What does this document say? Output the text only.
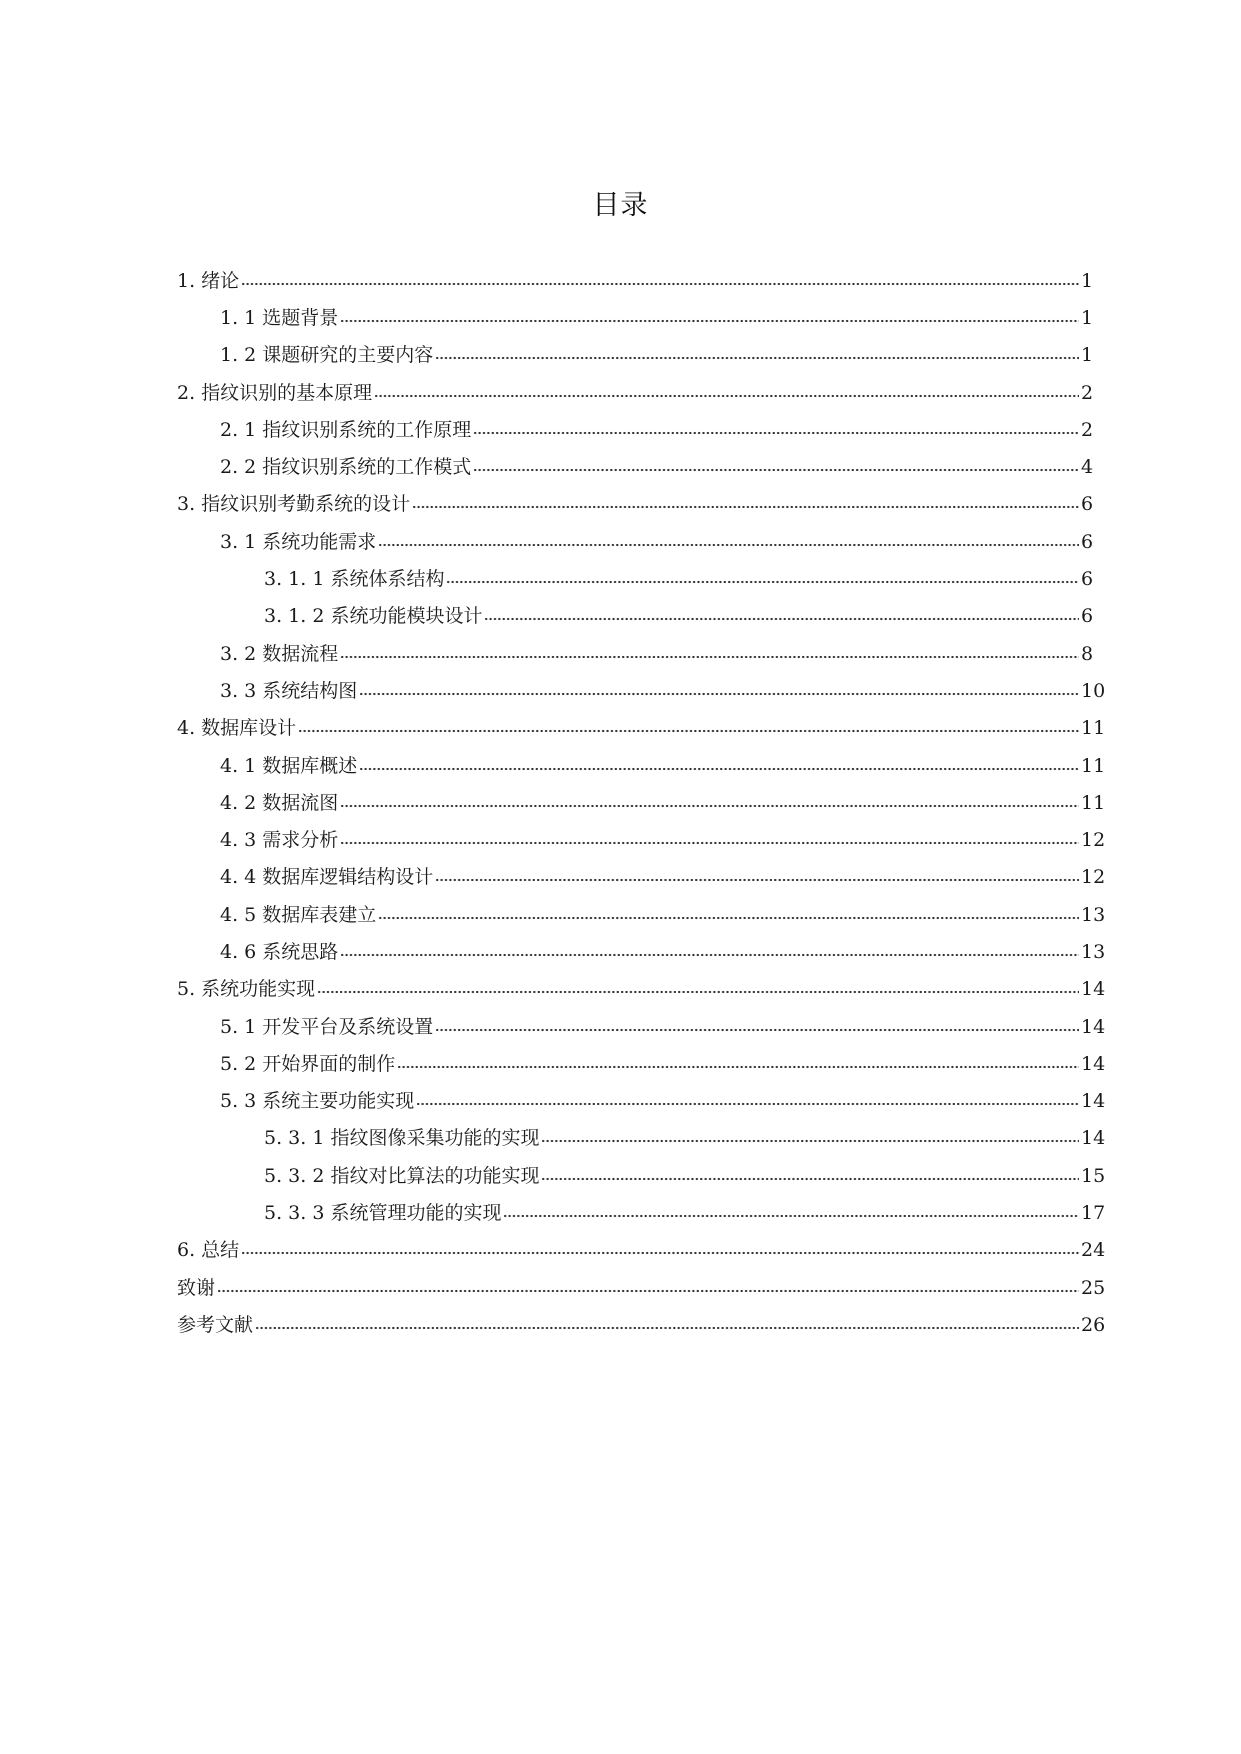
目录
1. 绪论	1
1. 1 选题背景	1
1. 2 课题研究的主要内容	1
2. 指纹识别的基本原理	2
2. 1 指纹识别系统的工作原理	2
2. 2 指纹识别系统的工作模式	4
3. 指纹识别考勤系统的设计	6
3. 1 系统功能需求	6
3. 1. 1 系统体系结构	6
3. 1. 2 系统功能模块设计	6
3. 2 数据流程	8
3. 3 系统结构图	10
4. 数据库设计	11
4. 1 数据库概述	11
4. 2 数据流图	11
4. 3 需求分析	12
4. 4 数据库逻辑结构设计	12
4. 5 数据库表建立	13
4. 6 系统思路	13
5. 系统功能实现	14
5. 1 开发平台及系统设置	14
5. 2 开始界面的制作	14
5. 3 系统主要功能实现	14
5. 3. 1 指纹图像采集功能的实现	14
5. 3. 2 指纹对比算法的功能实现	15
5. 3. 3 系统管理功能的实现	17
6. 总结	24
致谢	25
参考文献	26
